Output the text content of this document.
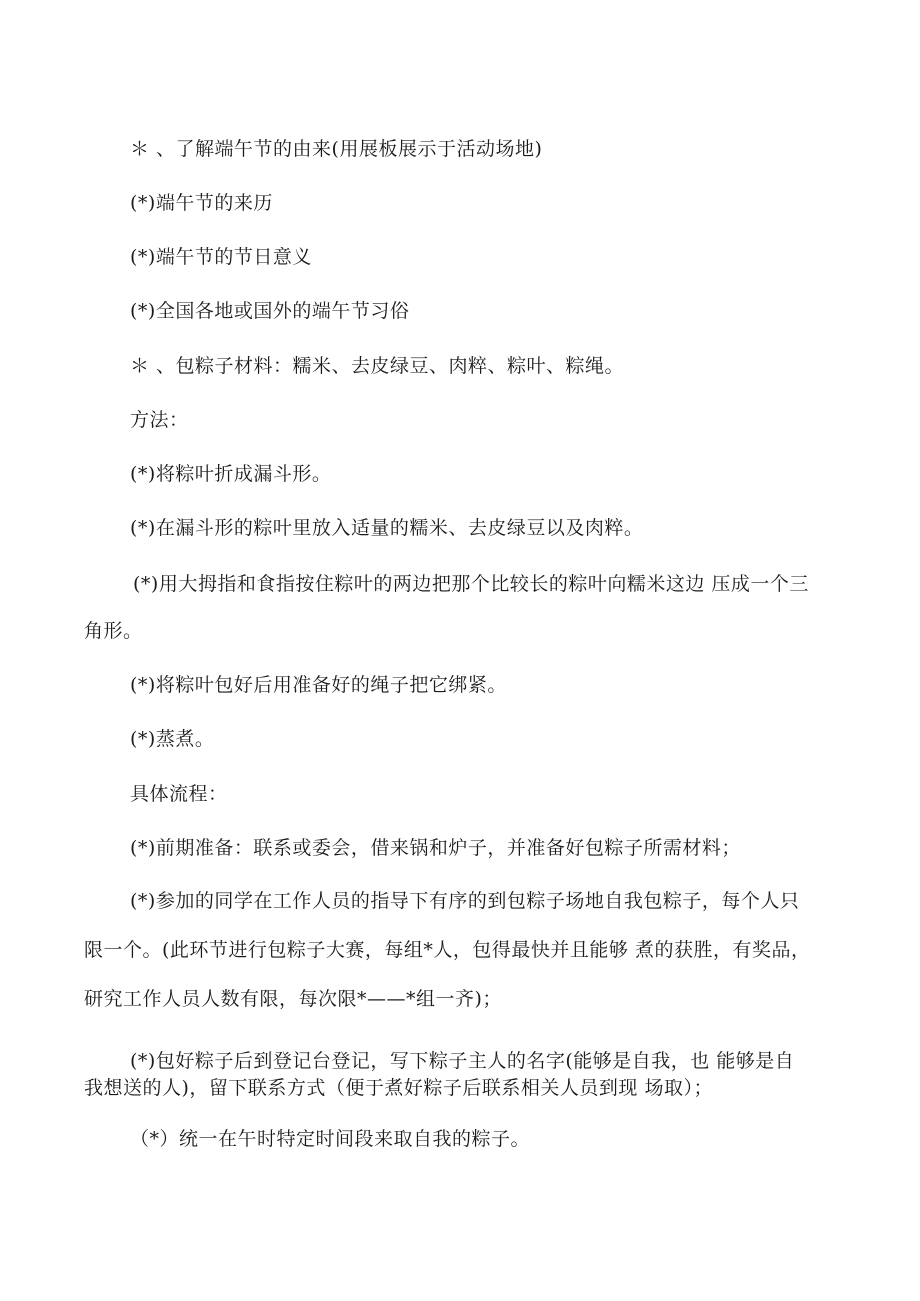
＊ 、了解端午节的由来(用展板展示于活动场地)
(*)端午节的来历
(*)端午节的节日意义
(*)全国各地或国外的端午节习俗
＊ 、包粽子材料：糯米、去皮绿豆、肉粹、粽叶、粽绳。
方法：
(*)将粽叶折成漏斗形。
(*)在漏斗形的粽叶里放入适量的糯米、去皮绿豆以及肉粹。
(*)用大拇指和食指按住粽叶的两边把那个比较长的粽叶向糯米这边 压成一个三
角形。
(*)将粽叶包好后用准备好的绳子把它绑紧。
(*)蒸煮。
具体流程：
(*)前期准备：联系或委会，借来锅和炉子，并准备好包粽子所需材料；
(*)参加的同学在工作人员的指导下有序的到包粽子场地自我包粽子，每个人只
限一个。(此环节进行包粽子大赛，每组*人，包得最快并且能够 煮的获胜，有奖品，
研究工作人员人数有限，每次限*——*组一齐)；
(*)包好粽子后到登记台登记，写下粽子主人的名字(能够是自我，也 能够是自
我想送的人)，留下联系方式（便于煮好粽子后联系相关人员到现 场取）；
（*）统一在午时特定时间段来取自我的粽子。
